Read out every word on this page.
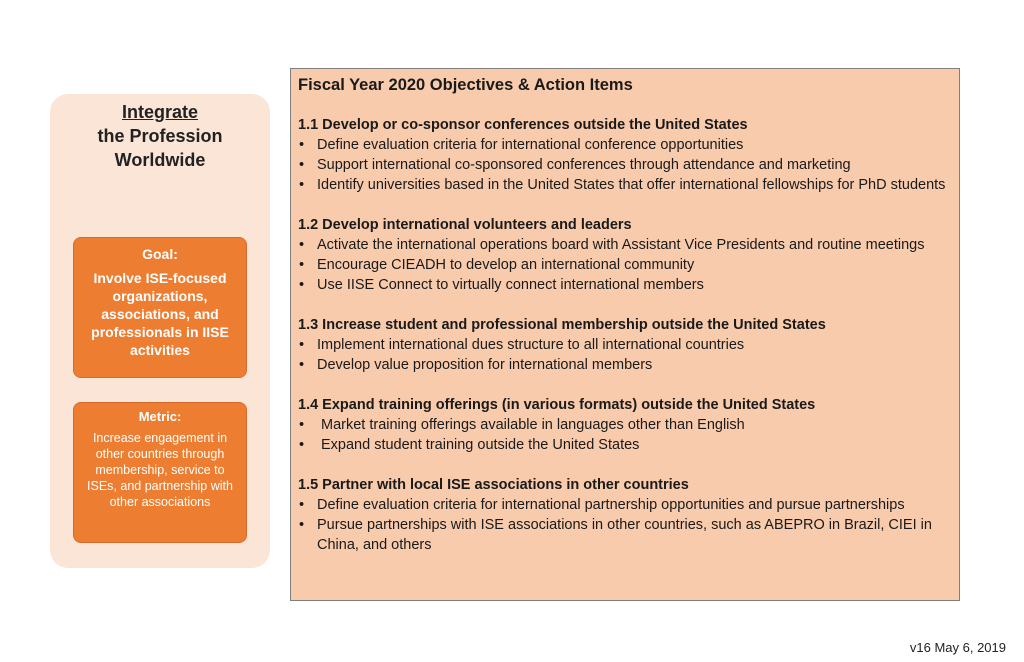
Integrate
the Profession
Worldwide
Goal:
Involve ISE-focused organizations, associations, and professionals in IISE activities
Metric:
Increase engagement in other countries through membership, service to ISEs, and partnership with other associations
Fiscal Year 2020 Objectives & Action Items
1.1 Develop or co-sponsor conferences outside the United States
• Define evaluation criteria for international conference opportunities
• Support international co-sponsored conferences through attendance and marketing
• Identify universities based in the United States that offer international fellowships for PhD students
1.2 Develop international volunteers and leaders
• Activate the international operations board with Assistant Vice Presidents and routine meetings
• Encourage CIEADH to develop an international community
• Use IISE Connect to virtually connect international members
1.3 Increase student and professional membership outside the United States
• Implement international dues structure to all international countries
• Develop value proposition for international members
1.4 Expand training offerings (in various formats) outside the United States
• Market training offerings available in languages other than English
• Expand student training outside the United States
1.5 Partner with local ISE associations in other countries
• Define evaluation criteria for international partnership opportunities and pursue partnerships
• Pursue partnerships with ISE associations in other countries, such as ABEPRO in Brazil, CIEI in China, and others
v16 May 6, 2019
